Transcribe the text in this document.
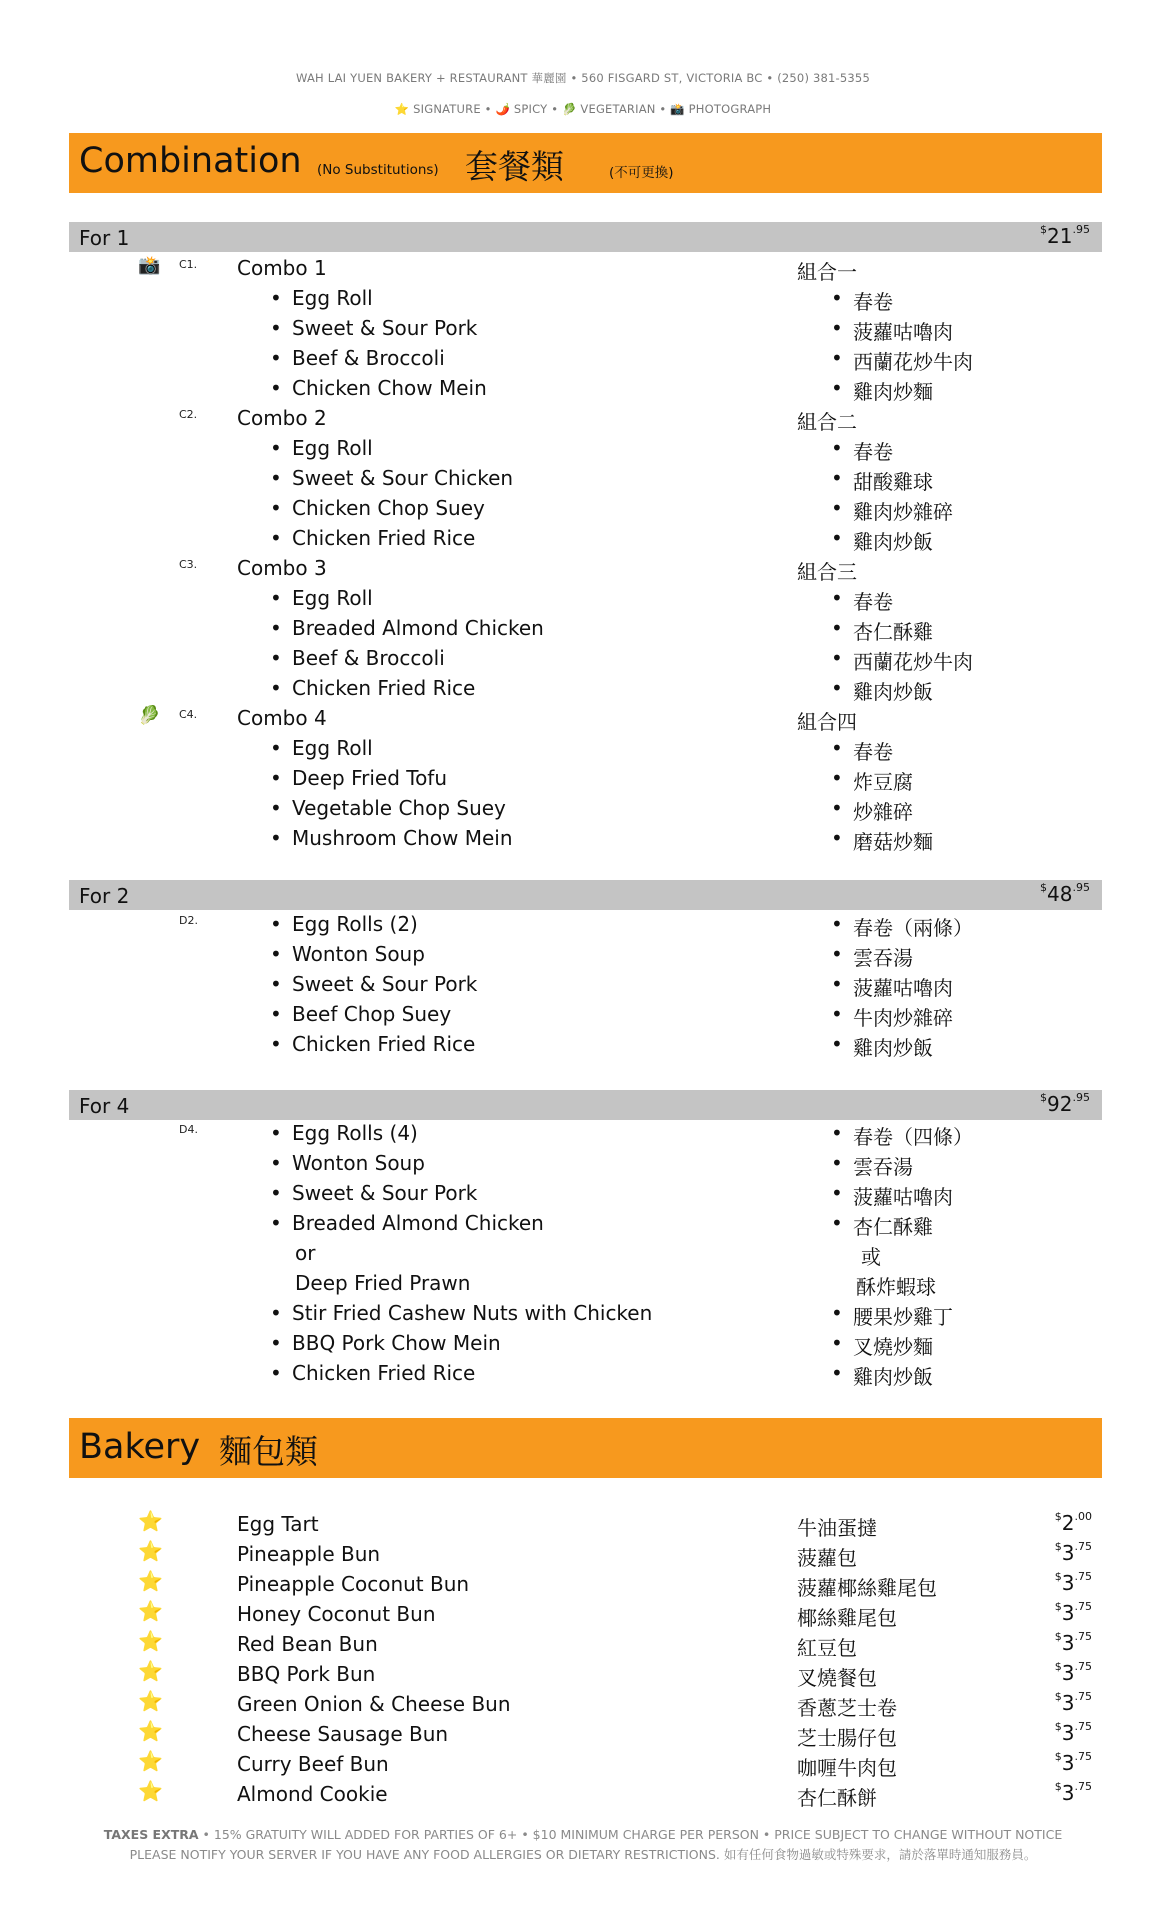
WAH LAI YUEN BAKERY + RESTAURANT 華麗園 • 560 FISGARD ST, VICTORIA BC • (250) 381-5355
⭐ SIGNATURE • 🌶️ SPICY • 🥬 VEGETARIAN • 📸 PHOTOGRAPH
Combination (No Substitutions) 套餐類	(不可更換)
For 1	$^{\$}21^{.95}$
C1.
📸	Combo 1	組合一
• Egg Roll	• 春卷
• Sweet & Sour Pork	• 菠蘿咕嚕肉
• Beef & Broccoli	• 西蘭花炒牛肉
• Chicken Chow Mein	• 雞肉炒麵
C2. Combo 2	組合二
• Egg Roll	• 春卷
• Sweet & Sour Chicken	• 甜酸雞球
• Chicken Chop Suey	• 雞肉炒雜碎
• Chicken Fried Rice	• 雞肉炒飯
C3. Combo 3	組合三
• Egg Roll	• 春卷
• Breaded Almond Chicken	• 杏仁酥雞
• Beef & Broccoli	• 西蘭花炒牛肉
• Chicken Fried Rice	• 雞肉炒飯
C4.
🥬	Combo 4	組合四
• Egg Roll	• 春卷
• Deep Fried Tofu	• 炸豆腐
• Vegetable Chop Suey	• 炒雜碎
• Mushroom Chow Mein	• 磨菇炒麵
For 2	$^{\$}48^{.95}$
D2.	• Egg Rolls (2)	• 春卷（兩條）
• Wonton Soup	• 雲吞湯
• Sweet & Sour Pork	• 菠蘿咕嚕肉
• Beef Chop Suey	• 牛肉炒雜碎
• Chicken Fried Rice	• 雞肉炒飯
For 4	$^{\$}92^{.95}$
D4.	• Egg Rolls (4)	• 春卷（四條）
• Wonton Soup	• 雲吞湯
• Sweet & Sour Pork	• 菠蘿咕嚕肉
• Breaded Almond Chicken	• 杏仁酥雞
or	或
Deep Fried Prawn	酥炸蝦球
• Stir Fried Cashew Nuts with Chicken	• 腰果炒雞丁
• BBQ Pork Chow Mein	• 叉燒炒麵
• Chicken Fried Rice	• 雞肉炒飯
Bakery 麵包類
⭐	Egg Tart	牛油蛋撻	$^{\$}2^{.00}$
⭐	Pineapple Bun	菠蘿包	$^{\$}3^{.75}$
⭐	Pineapple Coconut Bun	菠蘿椰絲雞尾包	$^{\$}3^{.75}$
⭐	Honey Coconut Bun	椰絲雞尾包	$^{\$}3^{.75}$
⭐	Red Bean Bun	紅豆包	$^{\$}3^{.75}$
⭐	BBQ Pork Bun	叉燒餐包	$^{\$}3^{.75}$
⭐	Green Onion & Cheese Bun	香蔥芝士卷	$^{\$}3^{.75}$
⭐	Cheese Sausage Bun	芝士腸仔包	$^{\$}3^{.75}$
⭐	Curry Beef Bun	咖喱牛肉包	$^{\$}3^{.75}$
⭐	Almond Cookie	杏仁酥餅	$^{\$}3^{.75}$
TAXES EXTRA • 15% GRATUITY WILL ADDED FOR PARTIES OF 6+ • $10 MINIMUM CHARGE PER PERSON • PRICE SUBJECT TO CHANGE WITHOUT NOTICE
PLEASE NOTIFY YOUR SERVER IF YOU HAVE ANY FOOD ALLERGIES OR DIETARY RESTRICTIONS. 如有任何食物過敏或特殊要求，請於落單時通知服務員。
